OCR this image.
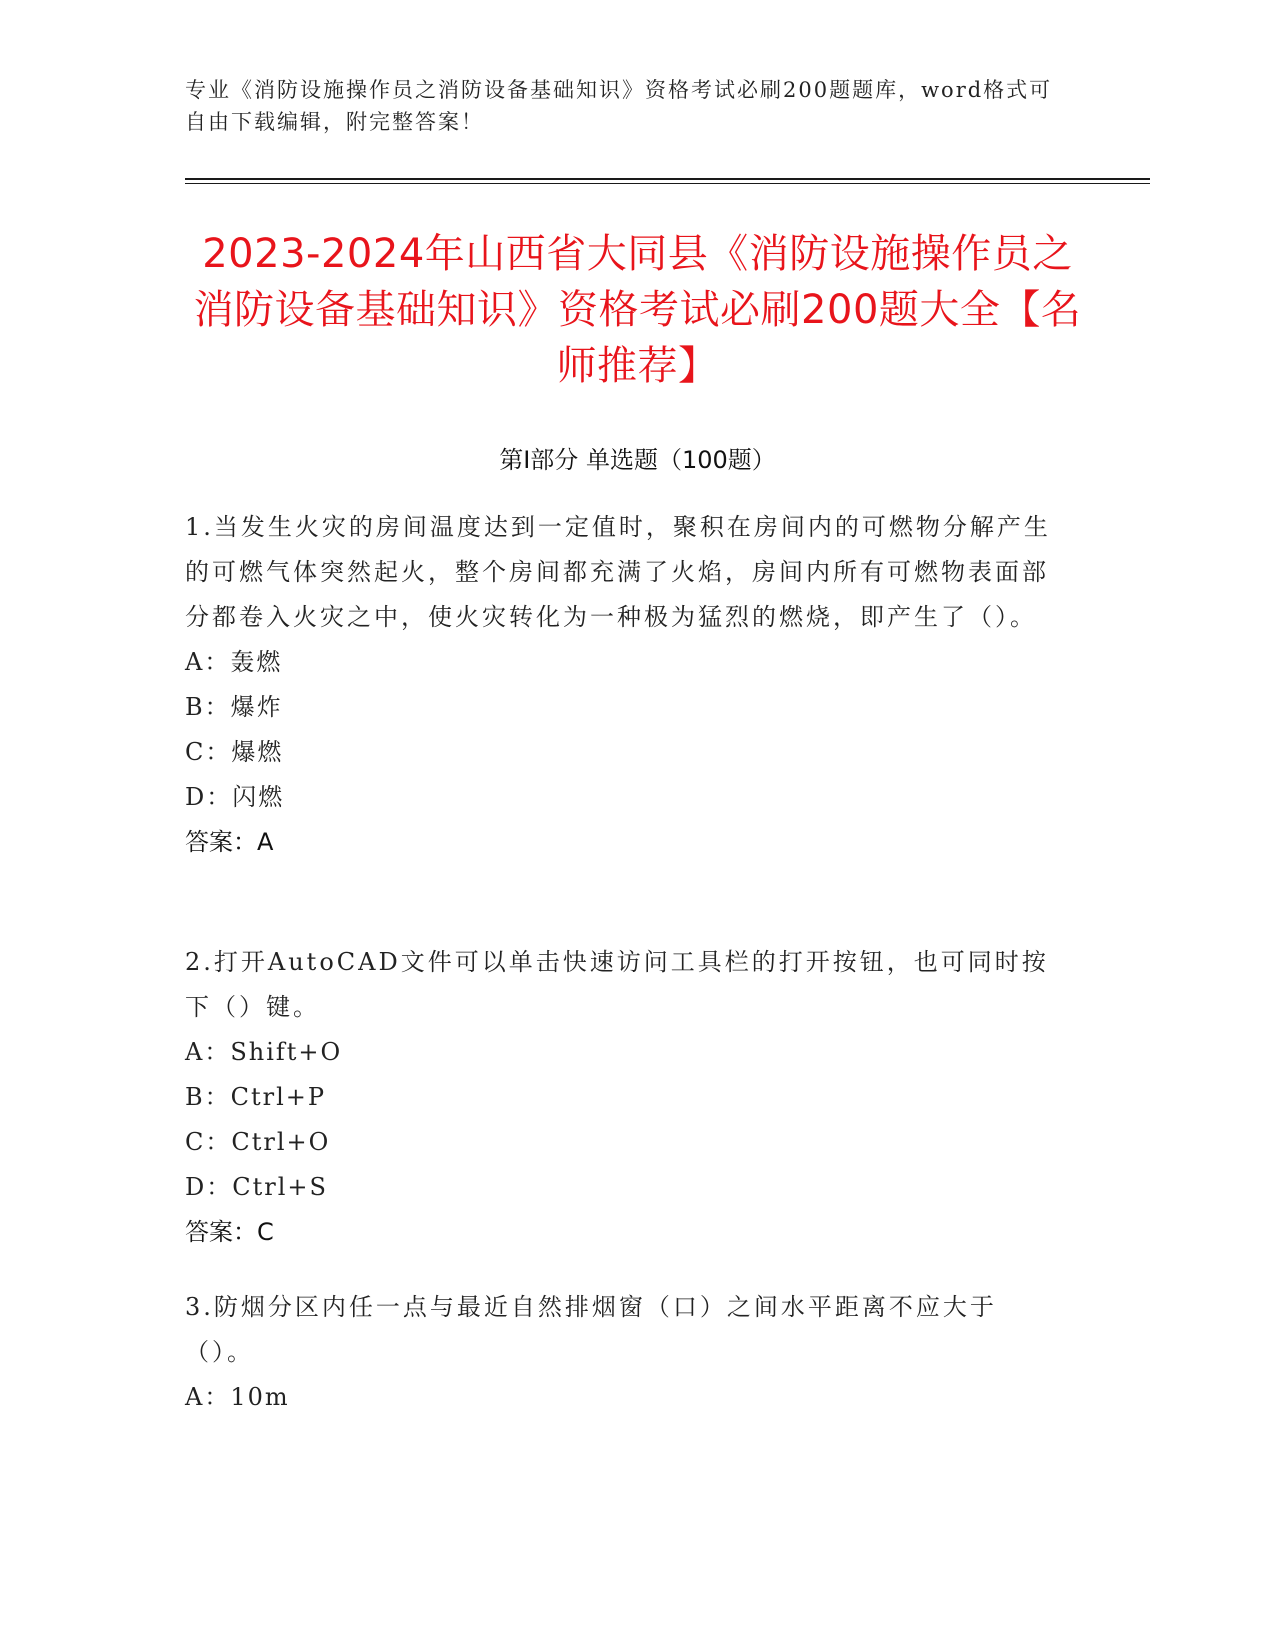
专业《消防设施操作员之消防设备基础知识》资格考试必刷200题题库，word格式可自由下载编辑，附完整答案！
2023-2024年山西省大同县《消防设施操作员之消防设备基础知识》资格考试必刷200题大全【名师推荐】
第I部分 单选题（100题）

1.当发生火灾的房间温度达到一定值时，聚积在房间内的可燃物分解产生的可燃气体突然起火，整个房间都充满了火焰，房间内所有可燃物表面部分都卷入火灾之中，使火灾转化为一种极为猛烈的燃烧，即产生了（）。

A：轰燃
B：爆炸
C：爆燃
D：闪燃
答案：A

2.打开AutoCAD文件可以单击快速访问工具栏的打开按钮，也可同时按下（）键。

A：Shift+O
B：Ctrl+P
C：Ctrl+O
D：Ctrl+S
答案：C

3.防烟分区内任一点与最近自然排烟窗（口）之间水平距离不应大于（）。

A：10m
